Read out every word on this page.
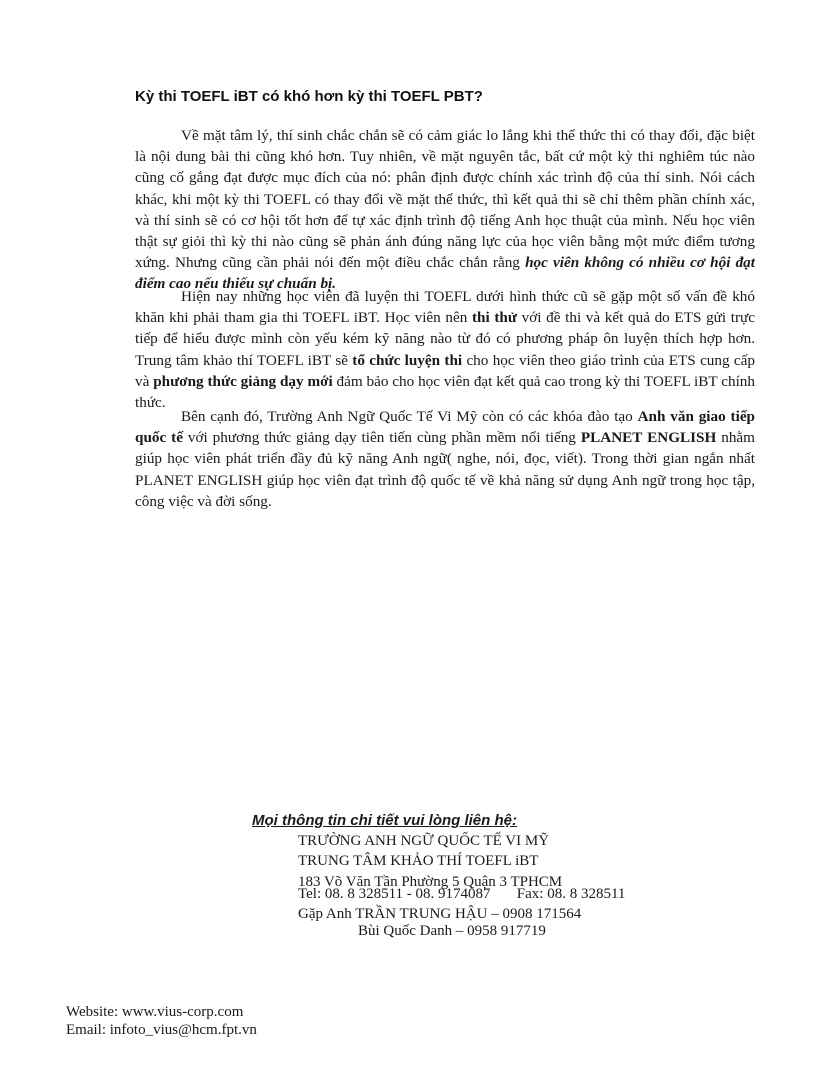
Kỳ thi TOEFL iBT có khó hơn kỳ thi TOEFL PBT?

Về mặt tâm lý, thí sinh chắc chắn sẽ có cảm giác lo lắng khi thể thức thi có thay đổi, đặc biệt là nội dung bài thi cũng khó hơn. Tuy nhiên, về mặt nguyên tắc, bất cứ một kỳ thi nghiêm túc nào cũng cố gắng đạt được mục đích của nó: phân định được chính xác trình độ của thí sinh. Nói cách khác, khi một kỳ thi TOEFL có thay đổi về mặt thể thức, thì kết quả thi sẽ chỉ thêm phần chính xác, và thí sinh sẽ có cơ hội tốt hơn để tự xác định trình độ tiếng Anh học thuật của mình. Nếu học viên thật sự giỏi thì kỳ thi nào cũng sẽ phản ánh đúng năng lực của học viên bằng một mức điểm tương xứng. Nhưng cũng cần phải nói đến một điều chắc chắn rằng học viên không có nhiều cơ hội đạt điểm cao nếu thiếu sự chuẩn bị.

Hiện nay những học viên đã luyện thi TOEFL dưới hình thức cũ sẽ gặp một số vấn đề khó khăn khi phải tham gia thi TOEFL iBT. Học viên nên thi thử với đề thi và kết quả do ETS gửi trực tiếp để hiểu được mình còn yếu kém kỹ năng nào từ đó có phương pháp ôn luyện thích hợp hơn. Trung tâm khảo thí TOEFL iBT sẽ tổ chức luyện thi cho học viên theo giáo trình của ETS cung cấp và phương thức giảng dạy mới đảm bảo cho học viên đạt kết quả cao trong kỳ thi TOEFL iBT chính thức.

Bên cạnh đó, Trường Anh Ngữ Quốc Tế Vi Mỹ còn có các khóa đào tạo Anh văn giao tiếp quốc tế với phương thức giảng dạy tiên tiến cùng phần mềm nổi tiếng PLANET ENGLISH nhằm giúp học viên phát triển đầy đủ kỹ năng Anh ngữ( nghe, nói, đọc, viết). Trong thời gian ngắn nhất PLANET ENGLISH giúp học viên đạt trình độ quốc tế về khả năng sử dụng Anh ngữ trong học tập, công việc và đời sống.

Mọi thông tin chi tiết vui lòng liên hệ:
TRƯỜNG ANH NGỮ QUỐC TẾ VI MỸ
TRUNG TÂM KHẢO THÍ TOEFL iBT
183 Võ Văn Tần Phường 5 Quận 3 TPHCM
Tel: 08. 8 328511 - 08. 9174087       Fax: 08. 8 328511
Gặp Anh TRẦN TRUNG HẬU – 0908 171564
Bùi Quốc Danh – 0958 917719
Website: www.vius-corp.com
Email: infoto_vius@hcm.fpt.vn
